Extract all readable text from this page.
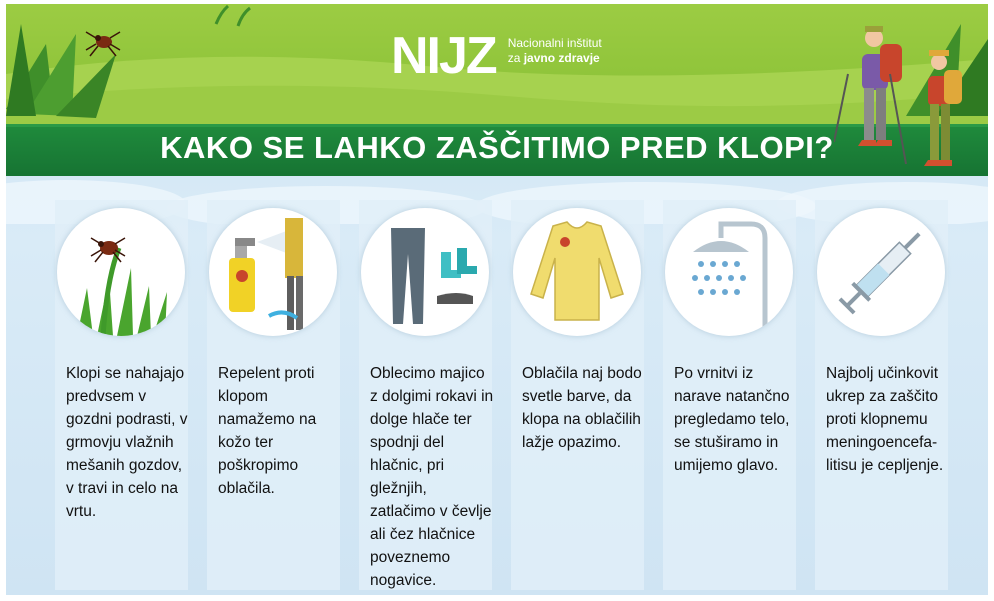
NIJZ Nacionalni inštitut
za javno zdravje
KAKO SE LAHKO ZAŠČITIMO PRED KLOPI?
Klopi se nahajajo predvsem v gozdni podrasti, v grmovju vlažnih mešanih gozdov, v travi in celo na vrtu.
Repelent proti klopom namažemo na kožo ter poškropimo oblačila.
Oblecimo majico z dolgimi rokavi in dolge hlače ter spodnji del hlačnic, pri gležnjih, zatlačimo v čevlje ali čez hlačnice poveznemo nogavice.
Oblačila naj bodo svetle barve, da klopa na oblačilih lažje opazimo.
Po vrnitvi iz narave natančno pregledamo telo, se stuširamo in umijemo glavo.
Najbolj učinkovit ukrep za zaščito proti klopnemu meningoencefa-litisu je cepljenje.
